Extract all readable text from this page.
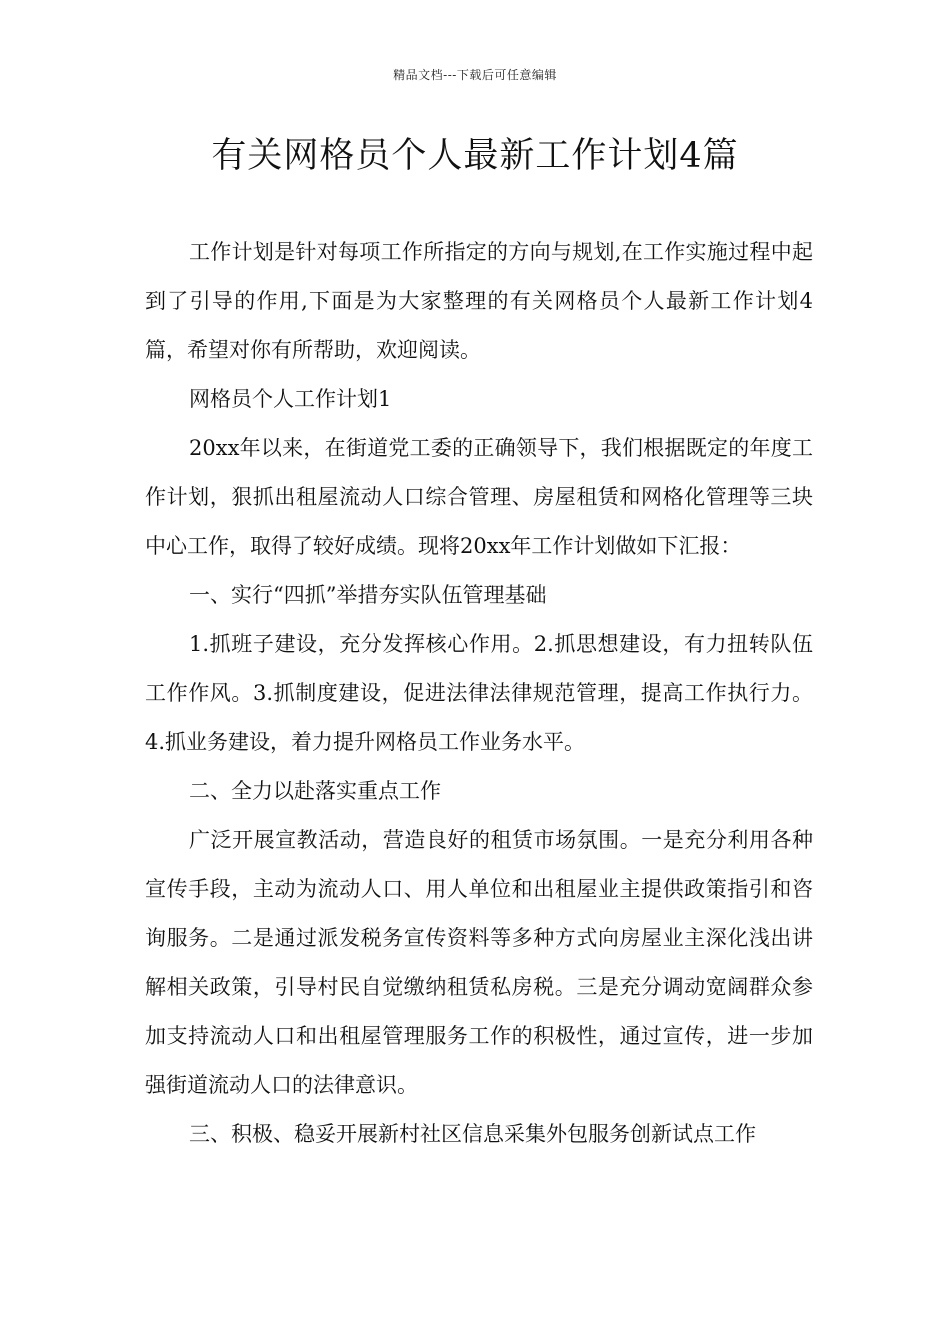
精品文档---下载后可任意编辑
有关网格员个人最新工作计划4篇

工作计划是针对每项工作所指定的方向与规划,在工作实施过程中起到了引导的作用,下面是为大家整理的有关网格员个人最新工作计划4篇，希望对你有所帮助，欢迎阅读。

网格员个人工作计划1

20xx年以来，在街道党工委的正确领导下，我们根据既定的年度工作计划，狠抓出租屋流动人口综合管理、房屋租赁和网格化管理等三块中心工作，取得了较好成绩。现将20xx年工作计划做如下汇报：

一、实行“四抓”举措夯实队伍管理基础

1.抓班子建设，充分发挥核心作用。2.抓思想建设，有力扭转队伍工作作风。3.抓制度建设，促进法律法律规范管理，提高工作执行力。4.抓业务建设，着力提升网格员工作业务水平。

二、全力以赴落实重点工作

广泛开展宣教活动，营造良好的租赁市场氛围。一是充分利用各种宣传手段，主动为流动人口、用人单位和出租屋业主提供政策指引和咨询服务。二是通过派发税务宣传资料等多种方式向房屋业主深化浅出讲解相关政策，引导村民自觉缴纳租赁私房税。三是充分调动宽阔群众参加支持流动人口和出租屋管理服务工作的积极性，通过宣传，进一步加强街道流动人口的法律意识。

三、积极、稳妥开展新村社区信息采集外包服务创新试点工作
